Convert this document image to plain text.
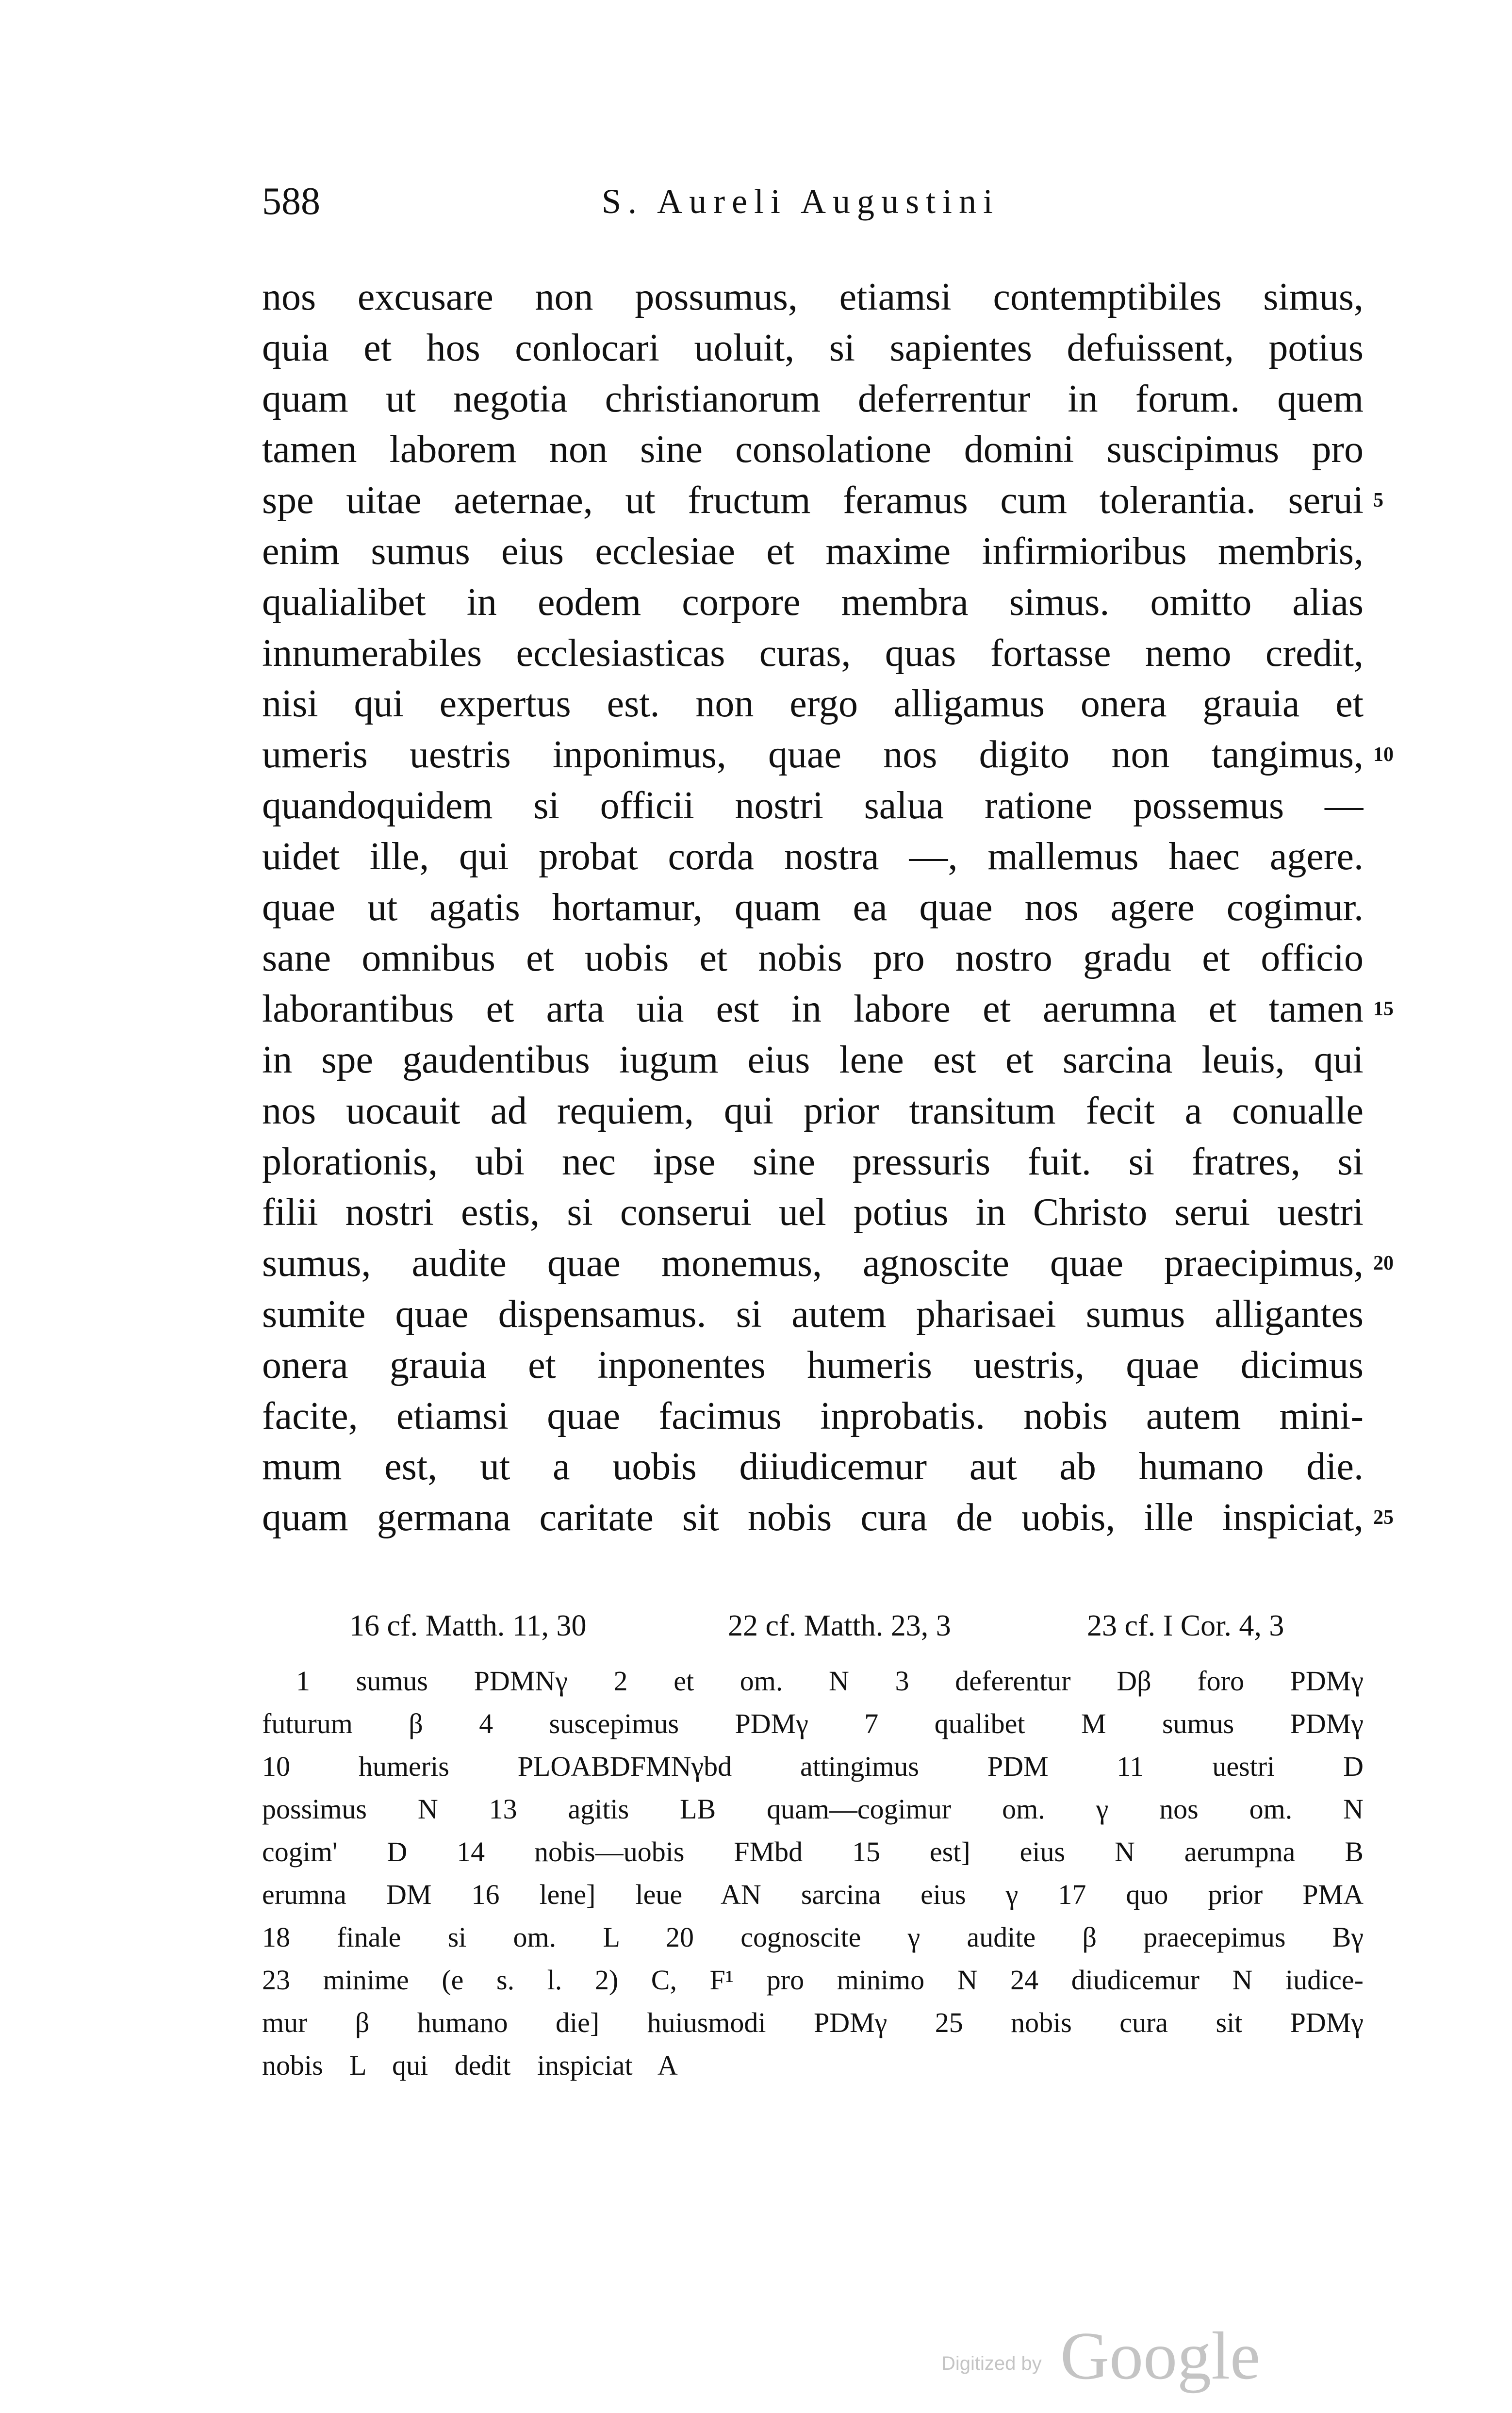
588	S. Aureli Augustini
nos excusare non possumus, etiamsi contemptibiles simus,
quia et hos conlocari uoluit, si sapientes defuissent, potius
quam ut negotia christianorum deferrentur in forum. quem
tamen laborem non sine consolatione domini suscipimus pro
spe uitae aeternae, ut fructum feramus cum tolerantia. serui 5
enim sumus eius ecclesiae et maxime infirmioribus membris,
qualialibet in eodem corpore membra simus. omitto alias
innumerabiles ecclesiasticas curas, quas fortasse nemo credit,
nisi qui expertus est. non ergo alligamus onera grauia et
umeris uestris inponimus, quae nos digito non tangimus, 10
quandoquidem si officii nostri salua ratione possemus —
uidet ille, qui probat corda nostra —, mallemus haec agere.
quae ut agatis hortamur, quam ea quae nos agere cogimur.
sane omnibus et uobis et nobis pro nostro gradu et officio
laborantibus et arta uia est in labore et aerumna et tamen 15
in spe gaudentibus iugum eius lene est et sarcina leuis, qui
nos uocauit ad requiem, qui prior transitum fecit a conualle
plorationis, ubi nec ipse sine pressuris fuit. si fratres, si
filii nostri estis, si conserui uel potius in Christo serui uestri
sumus, audite quae monemus, agnoscite quae praecipimus, 20
sumite quae dispensamus. si autem pharisaei sumus alligantes
onera grauia et inponentes humeris uestris, quae dicimus
facite, etiamsi quae facimus inprobatis. nobis autem mini-
mum est, ut a uobis diiudicemur aut ab humano die.
quam germana caritate sit nobis cura de uobis, ille inspiciat, 25
16 cf. Matth. 11, 30	22 cf. Matth. 23, 3	23 cf. I Cor. 4, 3
1 sumus PDMNγ 2 et om. N 3 deferentur Dβ foro PDMγ
futurum β 4 suscepimus PDMγ 7 qualibet M sumus PDMγ
10 humeris PLOABDFMNγbd attingimus PDM 11 uestri D
possimus N 13 agitis LB quam—cogimur om. γ nos om. N
cogim' D 14 nobis—uobis FMbd 15 est] eius N aerumpna B
erumna DM 16 lene] leue AN sarcina eius γ 17 quo prior PMA
18 finale si om. L 20 cognoscite γ audite β praecepimus Bγ
23 minime (e s. l. 2) C, F¹ pro minimo N 24 diudicemur N iudice-
mur β humano die] huiusmodi PDMγ 25 nobis cura sit PDMγ
nobis L qui dedit inspiciat A
Digitized by Google
